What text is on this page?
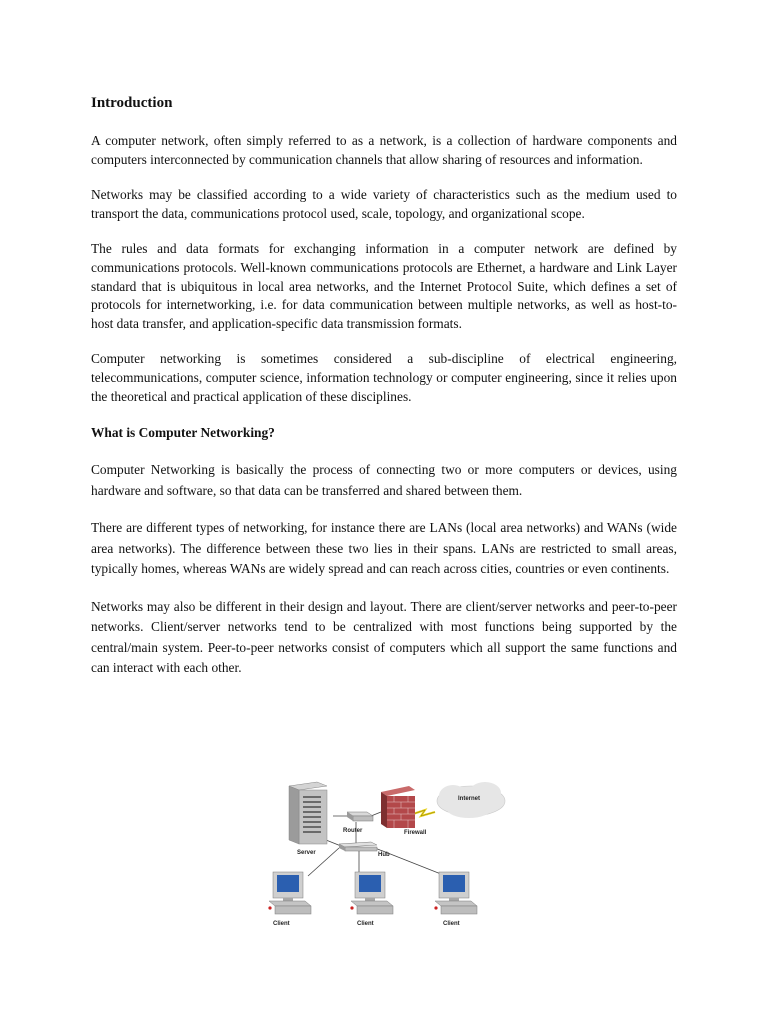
Introduction

A computer network, often simply referred to as a network, is a collection of hardware components and computers interconnected by communication channels that allow sharing of resources and information.

Networks may be classified according to a wide variety of characteristics such as the medium used to transport the data, communications protocol used, scale, topology, and organizational scope.

The rules and data formats for exchanging information in a computer network are defined by communications protocols. Well-known communications protocols are Ethernet, a hardware and Link Layer standard that is ubiquitous in local area networks, and the Internet Protocol Suite, which defines a set of protocols for internetworking, i.e. for data communication between multiple networks, as well as host-to-host data transfer, and application-specific data transmission formats.

Computer networking is sometimes considered a sub-discipline of electrical engineering, telecommunications, computer science, information technology or computer engineering, since it relies upon the theoretical and practical application of these disciplines.

What is Computer Networking?

Computer Networking is basically the process of connecting two or more computers or devices, using hardware and software, so that data can be transferred and shared between them.

There are different types of networking, for instance there are LANs (local area networks) and WANs (wide area networks). The difference between these two lies in their spans. LANs are restricted to small areas, typically homes, whereas WANs are widely spread and can reach across cities, countries or even continents.

Networks may also be different in their design and layout. There are client/server networks and peer-to-peer networks. Client/server networks tend to be centralized with most functions being supported by the central/main system. Peer-to-peer networks consist of computers which all support the same functions and can interact with each other.

Internet
Firewall
Router
Server	Hub
Client	Client	Client
